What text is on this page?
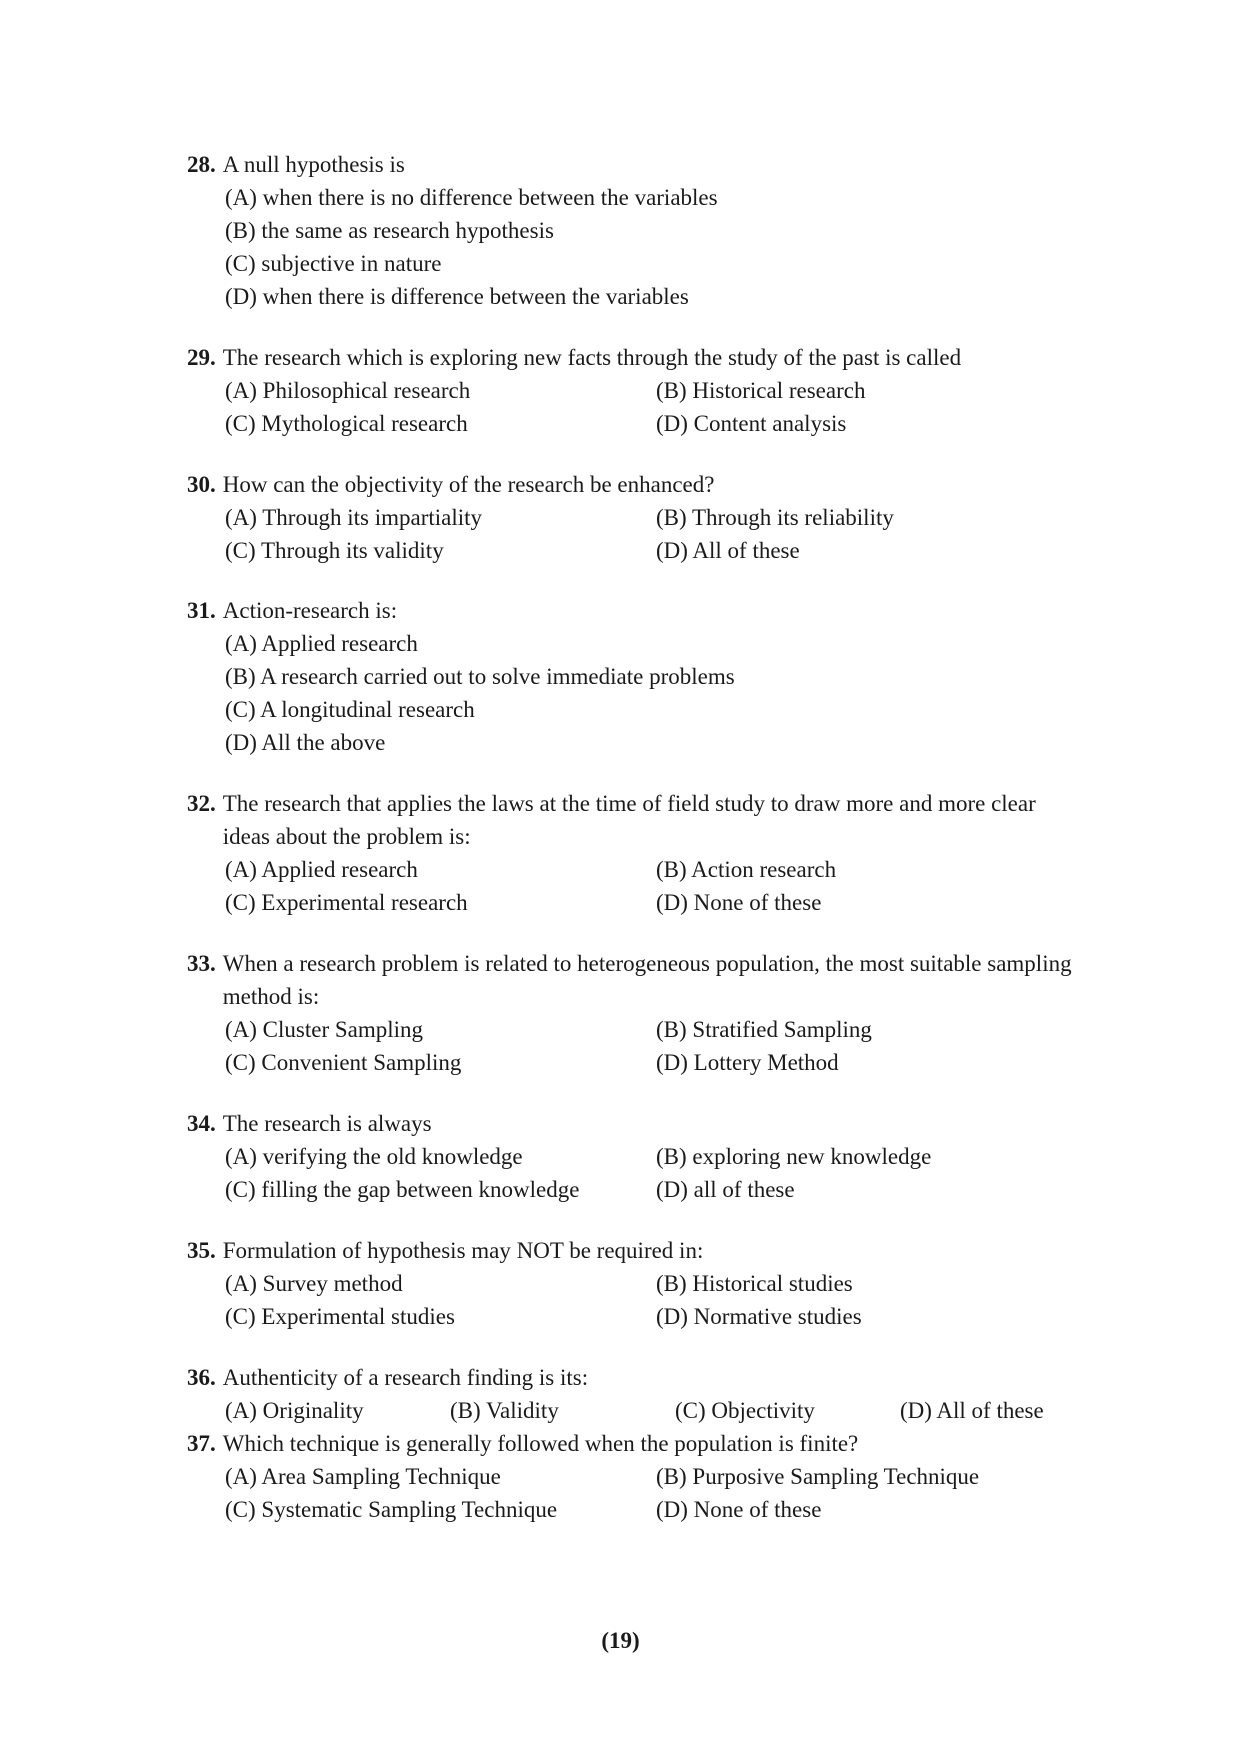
28. A null hypothesis is
(A) when there is no difference between the variables
(B) the same as research hypothesis
(C) subjective in nature
(D) when there is difference between the variables
29. The research which is exploring new facts through the study of the past is called
(A) Philosophical research	(B) Historical research
(C) Mythological research	(D) Content analysis
30. How can the objectivity of the research be enhanced?
(A) Through its impartiality	(B) Through its reliability
(C) Through its validity	(D) All of these
31. Action-research is:
(A) Applied research
(B) A research carried out to solve immediate problems
(C) A longitudinal research
(D) All the above
32. The research that applies the laws at the time of field study to draw more and more clear ideas about the problem is:
(A) Applied research	(B) Action research
(C) Experimental research	(D) None of these
33. When a research problem is related to heterogeneous population, the most suitable sampling method is:
(A) Cluster Sampling	(B) Stratified Sampling
(C) Convenient Sampling	(D) Lottery Method
34. The research is always
(A) verifying the old knowledge	(B) exploring new knowledge
(C) filling the gap between knowledge	(D) all of these
35. Formulation of hypothesis may NOT be required in:
(A) Survey method	(B) Historical studies
(C) Experimental studies	(D) Normative studies
36. Authenticity of a research finding is its:
(A) Originality	(B) Validity	(C) Objectivity	(D) All of these
37. Which technique is generally followed when the population is finite?
(A) Area Sampling Technique	(B) Purposive Sampling Technique
(C) Systematic Sampling Technique	(D) None of these
(19)
